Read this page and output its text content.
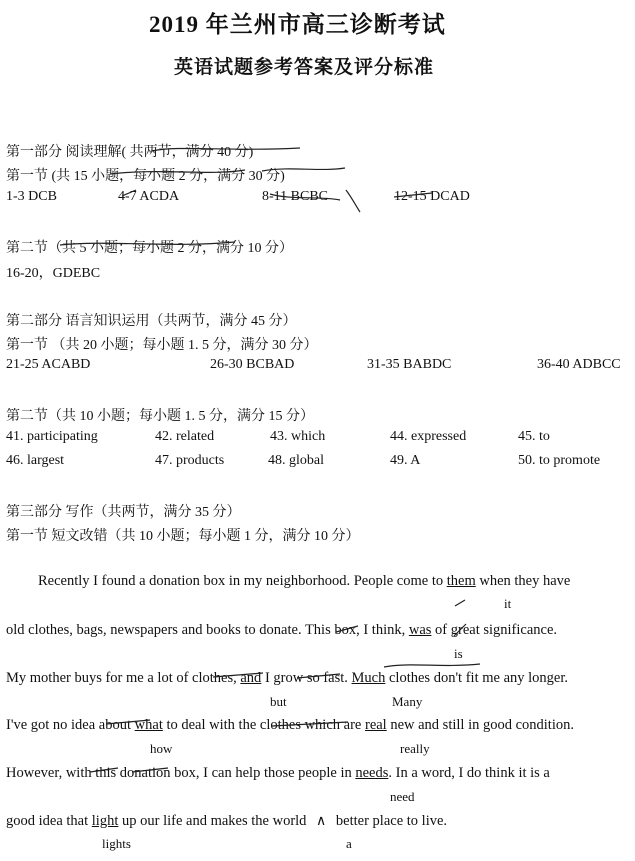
2019 年兰州市高三诊断考试
英语试题参考答案及评分标准
第一部分 阅读理解( 共两节，满分 40 分)
第一节 (共 15 小题，每小题 2 分，满分 30 分)
1-3 DCB	4-7 ACDA	8-11 BCBC	12-15 DCAD
第二节（共 5 小题；每小题 2 分，满分 10 分）
16-20，GDEBC
第二部分 语言知识运用（共两节，满分 45 分）
第一节 （共 20 小题；每小题 1. 5 分，满分 30 分）
21-25 ACABD	26-30 BCBAD	31-35 BABDC	36-40 ADBCC
第二节（共 10 小题；每小题 1. 5 分，满分 15 分）
41. participating	42. related	43. which	44. expressed	45. to
46. largest	47. products	48. global	49. A	50. to promote
第三部分 写作（共两节，满分 35 分）
第一节 短文改错（共 10 小题；每小题 1 分，满分 10 分）
Recently I found a donation box in my neighborhood. People come to them when they have
it
old clothes, bags, newspapers and books to donate. This box, I think, was of great significance.
is
My mother buys for me a lot of clothes, and I grow so fast. Much clothes don't fit me any longer.
but	Many
I've got no idea about what to deal with the clothes which are real new and still in good condition.
how	really
However, with this donation box, I can help those people in needs. In a word, I do think it is a
need
good idea that light up our life and makes the world ∧ better place to live.
lights	a
